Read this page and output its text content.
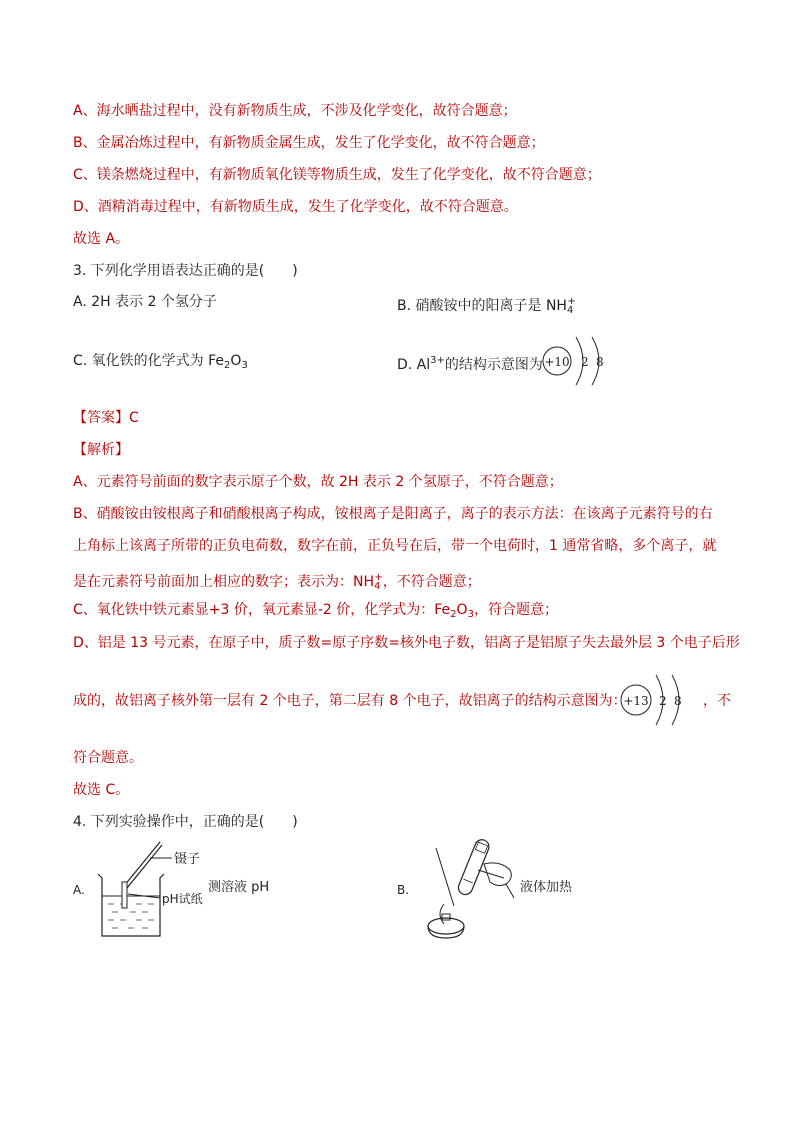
A、海水晒盐过程中，没有新物质生成，不涉及化学变化，故符合题意；
B、金属冶炼过程中，有新物质金属生成，发生了化学变化，故不符合题意；
C、镁条燃烧过程中，有新物质氧化镁等物质生成，发生了化学变化，故不符合题意；
D、酒精消毒过程中，有新物质生成，发生了化学变化，故不符合题意。
故选 A。
3. 下列化学用语表达正确的是(　　)
A. 2H 表示 2 个氢分子	B. 硝酸铵中的阳离子是 $NH_4^+$
C. 氧化铁的化学式为 $Fe_2O_3$	D. $Al^{3+}$的结构示意图为 +10 2 8
【答案】C
【解析】
A、元素符号前面的数字表示原子个数，故 2H 表示 2 个氢原子，不符合题意；
B、硝酸铵由铵根离子和硝酸根离子构成，铵根离子是阳离子，离子的表示方法：在该离子元素符号的右
上角标上该离子所带的正负电荷数，数字在前，正负号在后，带一个电荷时，1 通常省略，多个离子，就
是在元素符号前面加上相应的数字；表示为：$NH_4^+$，不符合题意；
C、氧化铁中铁元素显+3 价，氧元素显-2 价，化学式为：$Fe_2O_3$，符合题意；
D、铝是 13 号元素，在原子中，质子数=原子序数=核外电子数，铝离子是铝原子失去最外层 3 个电子后形
成的，故铝离子核外第一层有 2 个电子，第二层有 8 个电子，故铝离子的结构示意图为：
+13 2 8 ，不
符合题意。
故选 C。
4. 下列实验操作中，正确的是(　　)
A.
镊子
pH试纸
测溶液 pH	B.	液体加热
